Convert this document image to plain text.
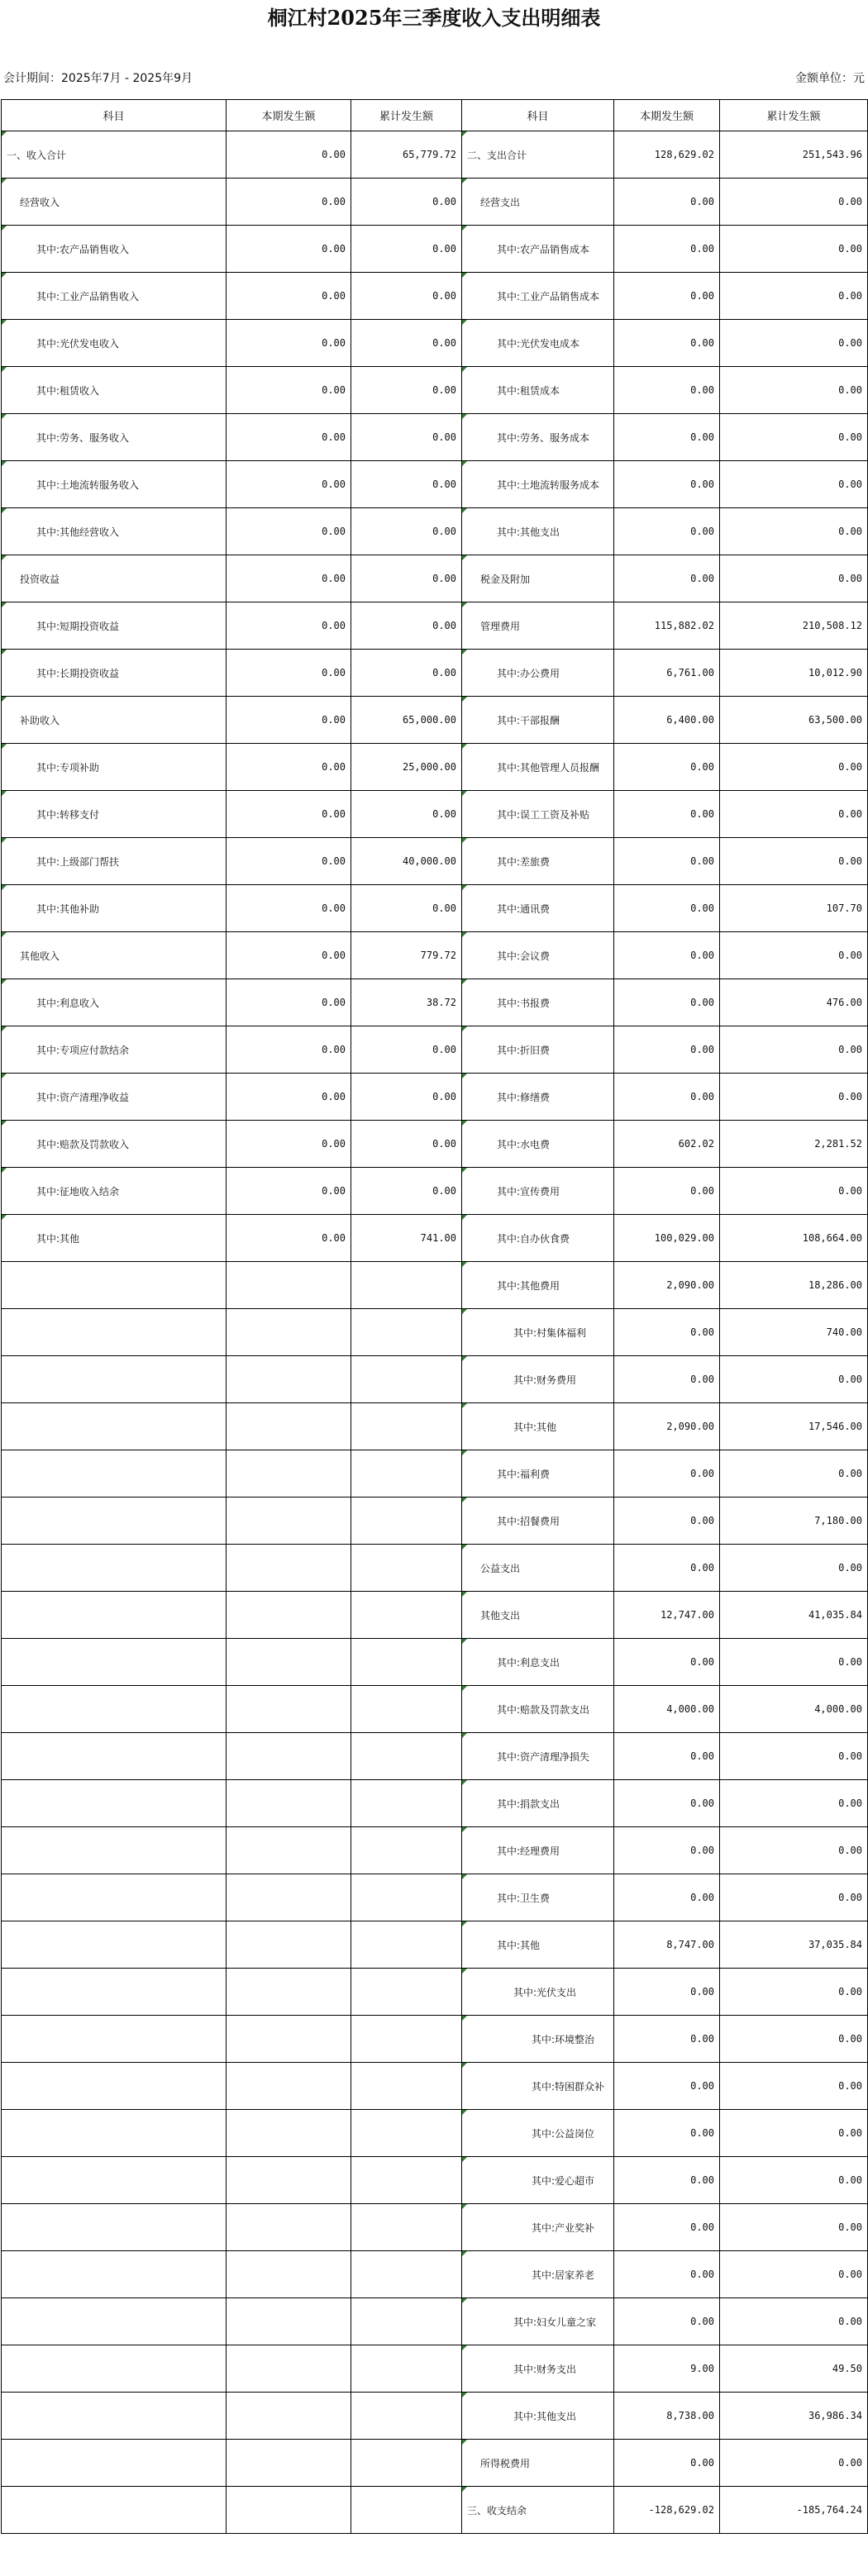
桐江村2025年三季度收入支出明细表
会计期间：2025年7月 - 2025年9月	金额单位：元
科目	本期发生额	累计发生额	科目	本期发生额	累计发生额
一、收入合计	0.00	65,779.72	二、支出合计	128,629.02	251,543.96
经营收入	0.00	0.00	经营支出	0.00	0.00
其中:农产品销售收入	0.00	0.00	其中:农产品销售成本	0.00	0.00
其中:工业产品销售收入	0.00	0.00	其中:工业产品销售成本	0.00	0.00
其中:光伏发电收入	0.00	0.00	其中:光伏发电成本	0.00	0.00
其中:租赁收入	0.00	0.00	其中:租赁成本	0.00	0.00
其中:劳务、服务收入	0.00	0.00	其中:劳务、服务成本	0.00	0.00
其中:土地流转服务收入	0.00	0.00	其中:土地流转服务成本	0.00	0.00
其中:其他经营收入	0.00	0.00	其中:其他支出	0.00	0.00
投资收益	0.00	0.00	税金及附加	0.00	0.00
其中:短期投资收益	0.00	0.00	管理费用	115,882.02	210,508.12
其中:长期投资收益	0.00	0.00	其中:办公费用	6,761.00	10,012.90
补助收入	0.00	65,000.00	其中:干部报酬	6,400.00	63,500.00
其中:专项补助	0.00	25,000.00	其中:其他管理人员报酬	0.00	0.00
其中:转移支付	0.00	0.00	其中:误工工资及补贴	0.00	0.00
其中:上级部门帮扶	0.00	40,000.00	其中:差旅费	0.00	0.00
其中:其他补助	0.00	0.00	其中:通讯费	0.00	107.70
其他收入	0.00	779.72	其中:会议费	0.00	0.00
其中:利息收入	0.00	38.72	其中:书报费	0.00	476.00
其中:专项应付款结余	0.00	0.00	其中:折旧费	0.00	0.00
其中:资产清理净收益	0.00	0.00	其中:修缮费	0.00	0.00
其中:赔款及罚款收入	0.00	0.00	其中:水电费	602.02	2,281.52
其中:征地收入结余	0.00	0.00	其中:宣传费用	0.00	0.00
其中:其他	0.00	741.00	其中:自办伙食费	100,029.00	108,664.00
			其中:其他费用	2,090.00	18,286.00
			其中:村集体福利	0.00	740.00
			其中:财务费用	0.00	0.00
			其中:其他	2,090.00	17,546.00
			其中:福利费	0.00	0.00
			其中:招餐费用	0.00	7,180.00
			公益支出	0.00	0.00
			其他支出	12,747.00	41,035.84
			其中:利息支出	0.00	0.00
			其中:赔款及罚款支出	4,000.00	4,000.00
			其中:资产清理净损失	0.00	0.00
			其中:捐款支出	0.00	0.00
			其中:经理费用	0.00	0.00
			其中:卫生费	0.00	0.00
			其中:其他	8,747.00	37,035.84
			其中:光伏支出	0.00	0.00
			其中:环境整治	0.00	0.00
			其中:特困群众补	0.00	0.00
			其中:公益岗位	0.00	0.00
			其中:爱心超市	0.00	0.00
			其中:产业奖补	0.00	0.00
			其中:居家养老	0.00	0.00
			其中:妇女儿童之家	0.00	0.00
			其中:财务支出	9.00	49.50
			其中:其他支出	8,738.00	36,986.34
			所得税费用	0.00	0.00
			三、收支结余	-128,629.02	-185,764.24
